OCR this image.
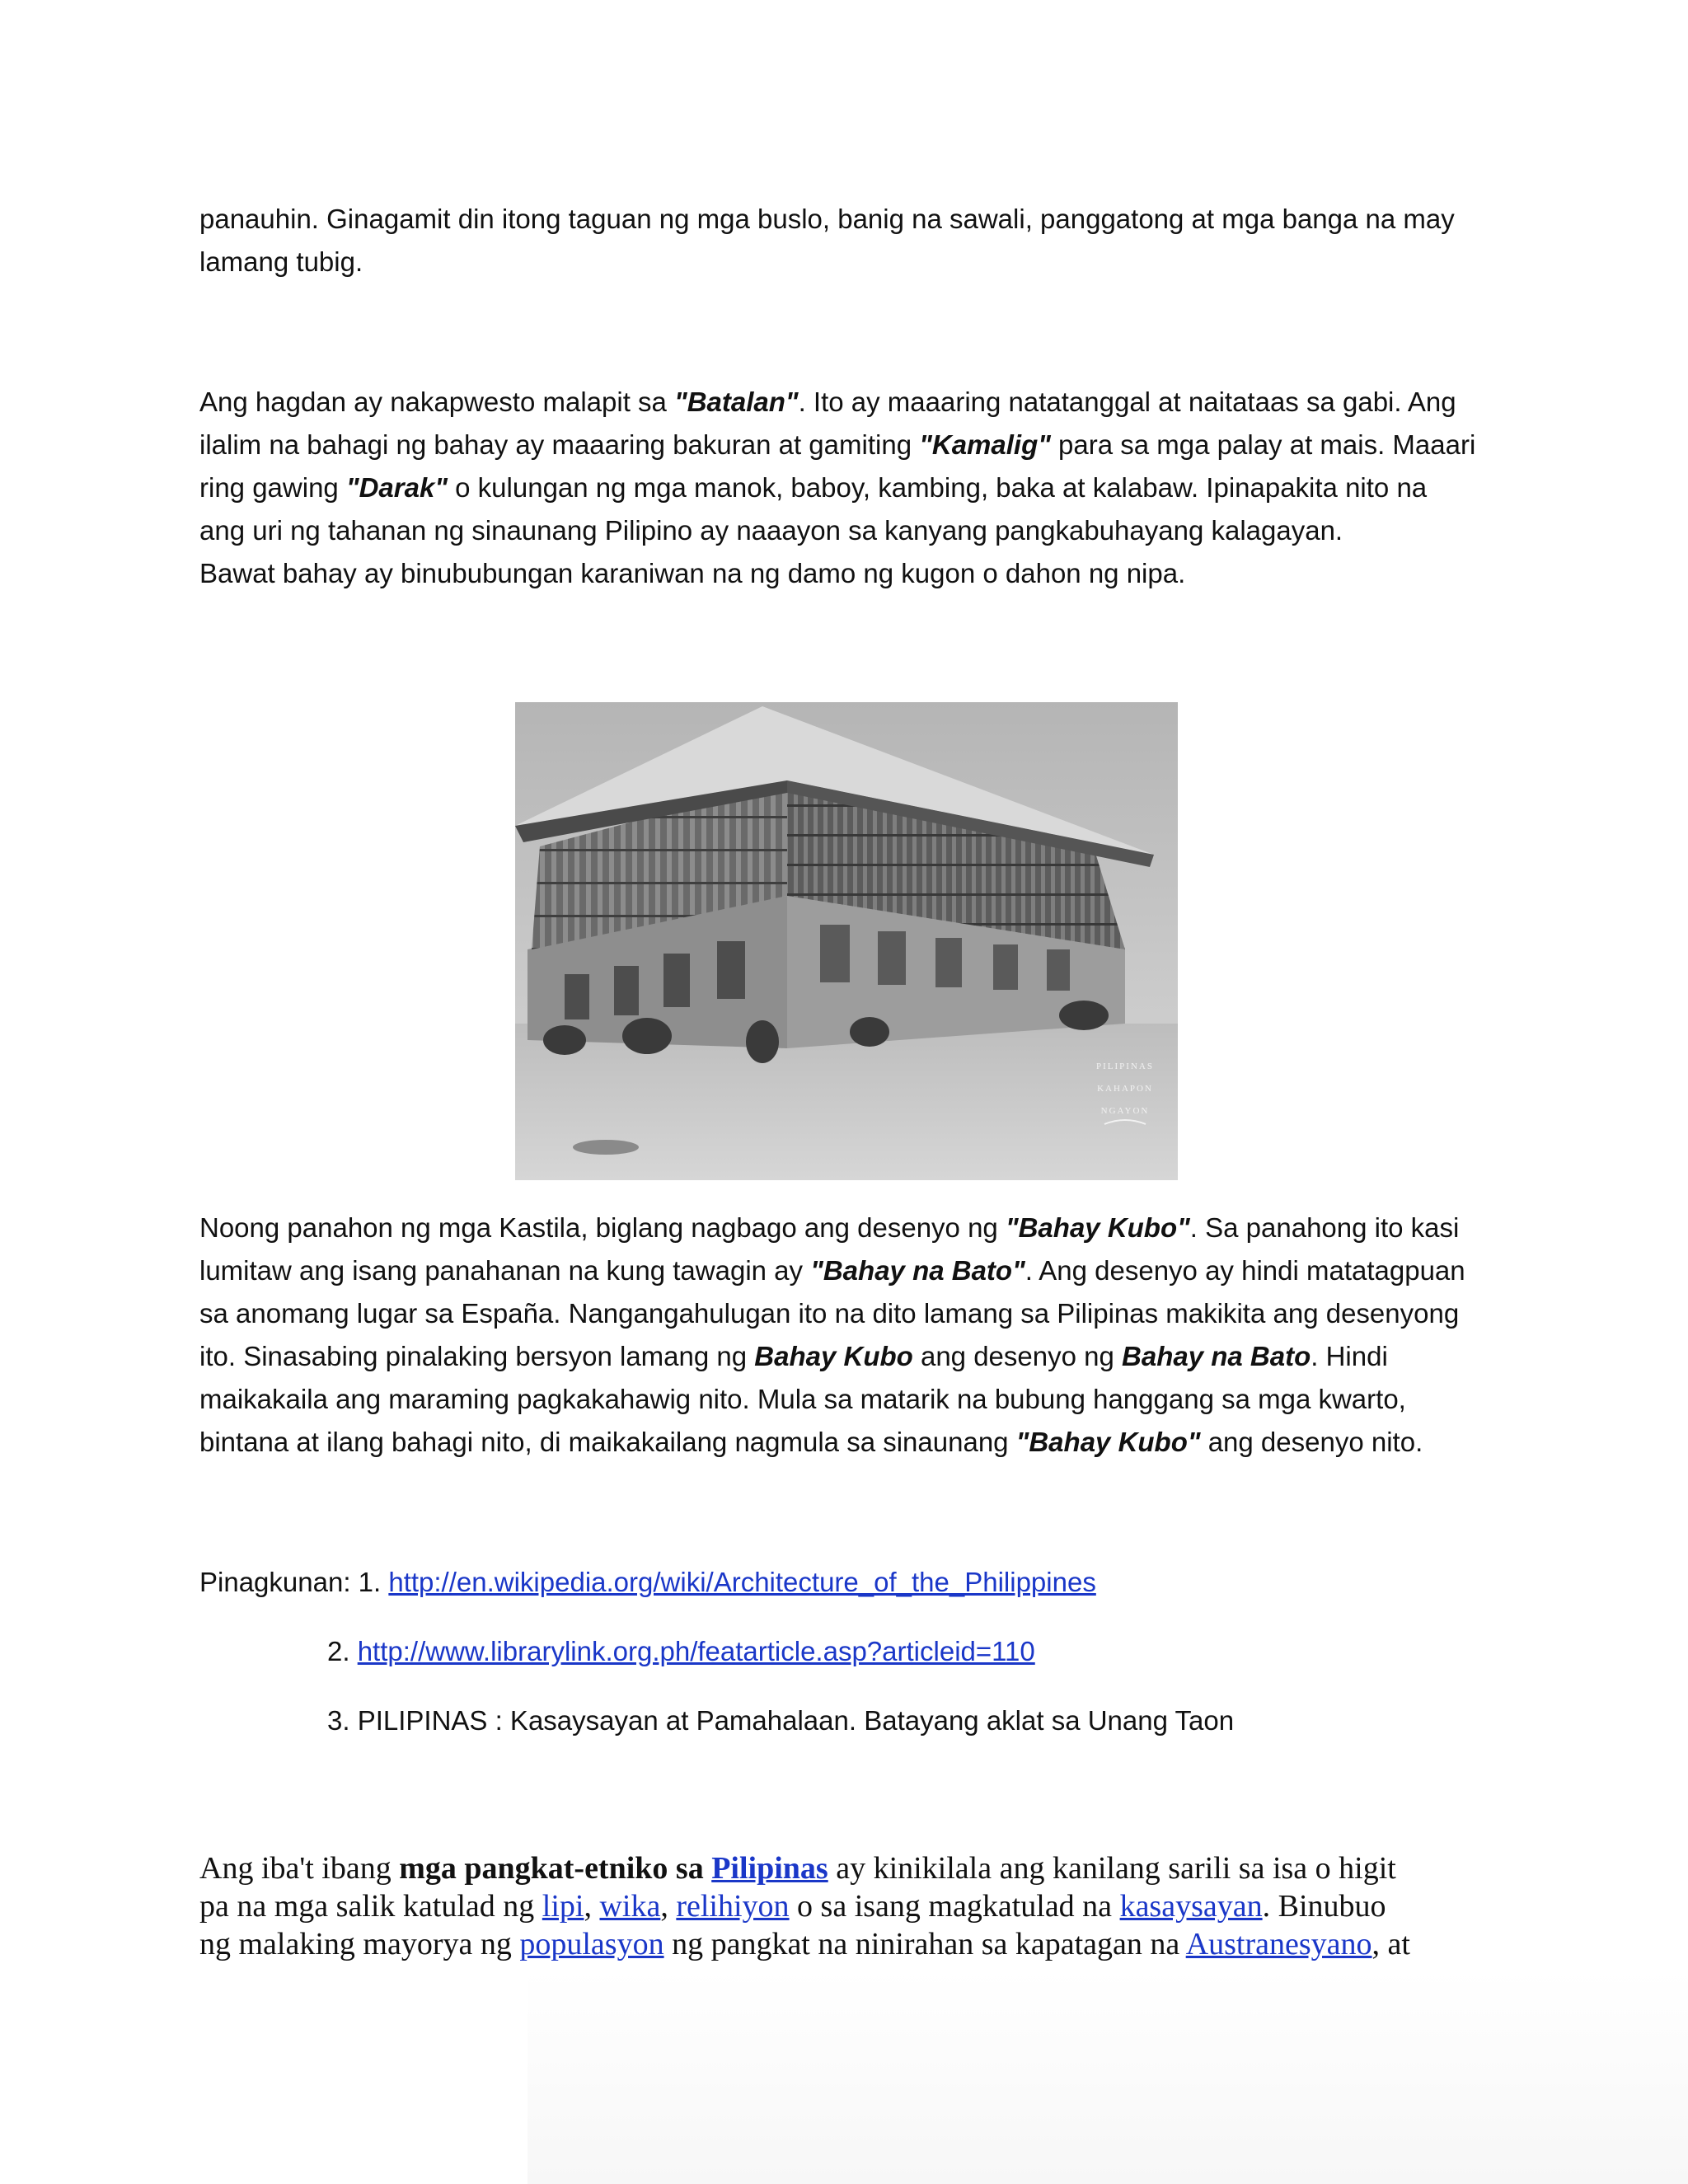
panauhin. Ginagamit din itong taguan ng mga buslo, banig na sawali, panggatong at mga banga na may
lamang tubig.

Ang hagdan ay nakapwesto malapit sa "Batalan". Ito ay maaaring natatanggal at naitataas sa gabi. Ang
ilalim na bahagi ng bahay ay maaaring bakuran at gamiting "Kamalig" para sa mga palay at mais. Maaari
ring gawing "Darak" o kulungan ng mga manok, baboy, kambing, baka at kalabaw. Ipinapakita nito na
ang uri ng tahanan ng sinaunang Pilipino ay naaayon sa kanyang pangkabuhayang kalagayan.
Bawat bahay ay binububungan karaniwan na ng damo ng kugon o dahon ng nipa.

PILIPINAS
KAHAPON
NGAYON

Noong panahon ng mga Kastila, biglang nagbago ang desenyo ng "Bahay Kubo". Sa panahong ito kasi
lumitaw ang isang panahanan na kung tawagin ay "Bahay na Bato". Ang desenyo ay hindi matatagpuan
sa anomang lugar sa España. Nangangahulugan ito na dito lamang sa Pilipinas makikita ang desenyong
ito. Sinasabing pinalaking bersyon lamang ng Bahay Kubo ang desenyo ng Bahay na Bato. Hindi
maikakaila ang maraming pagkakahawig nito. Mula sa matarik na bubung hanggang sa mga kwarto,
bintana at ilang bahagi nito, di maikakailang nagmula sa sinaunang "Bahay Kubo" ang desenyo nito.

Pinagkunan: 1. http://en.wikipedia.org/wiki/Architecture_of_the_Philippines
2. http://www.librarylink.org.ph/featarticle.asp?articleid=110
3. PILIPINAS : Kasaysayan at Pamahalaan. Batayang aklat sa Unang Taon

Ang iba't ibang mga pangkat-etniko sa Pilipinas ay kinikilala ang kanilang sarili sa isa o higit
pa na mga salik katulad ng lipi, wika, relihiyon o sa isang magkatulad na kasaysayan. Binubuo
ng malaking mayorya ng populasyon ng pangkat na ninirahan sa kapatagan na Austranesyano, at
